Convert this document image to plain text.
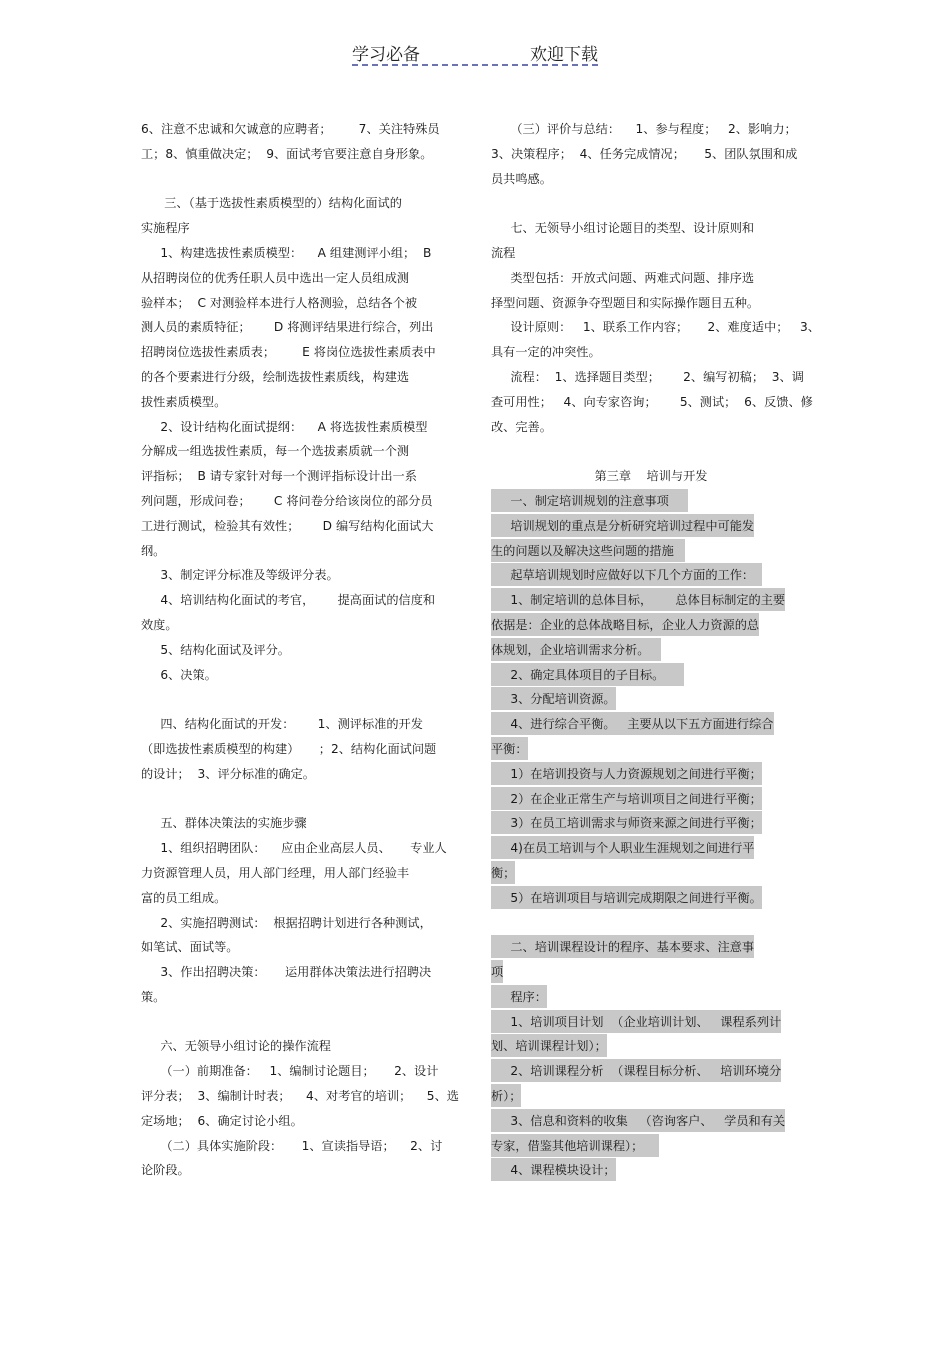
学习必备	欢迎下载

6、注意不忠诚和欠诚意的应聘者；       7、关注特殊员

工；8、慎重做决定；  9、面试考官要注意自身形象。

三、（基于选拔性素质模型的）结构化面试的

实施程序

1、构建选拔性素质模型：    A 组建测评小组；  B

从招聘岗位的优秀任职人员中选出一定人员组成测

验样本；  C 对测验样本进行人格测验，总结各个被

测人员的素质特征；      D 将测评结果进行综合，列出

招聘岗位选拔性素质表；       E 将岗位选拔性素质表中

的各个要素进行分级，绘制选拔性素质线，构建选

拔性素质模型。

2、设计结构化面试提纲：    A 将选拔性素质模型

分解成一组选拔性素质，每一个选拔素质就一个测

评指标；  B 请专家针对每一个测评指标设计出一系

列问题，形成问卷；      C 将问卷分给该岗位的部分员

工进行测试，检验其有效性；      D 编写结构化面试大

纲。

3、制定评分标准及等级评分表。

4、培训结构化面试的考官，      提高面试的信度和

效度。

5、结构化面试及评分。

6、决策。

四、结构化面试的开发：      1、测评标准的开发

（即选拔性素质模型的构建）     ；2、结构化面试问题

的设计；  3、评分标准的确定。

五、群体决策法的实施步骤

1、组织招聘团队：    应由企业高层人员、     专业人

力资源管理人员，用人部门经理，用人部门经验丰

富的员工组成。

2、实施招聘测试：  根据招聘计划进行各种测试，

如笔试、面试等。

3、作出招聘决策：     运用群体决策法进行招聘决

策。

六、无领导小组讨论的操作流程

（一）前期准备：   1、编制讨论题目；     2、设计

评分表；  3、编制计时表；    4、对考官的培训；    5、选

定场地；  6、确定讨论小组。

（二）具体实施阶段：     1、宣读指导语；    2、讨

论阶段。

（三）评价与总结：    1、参与程度；   2、影响力；

3、决策程序；  4、任务完成情况；     5、团队氛围和成

员共鸣感。

七、无领导小组讨论题目的类型、设计原则和

流程

类型包括：开放式问题、两难式问题、排序选

择型问题、资源争夺型题目和实际操作题目五种。

设计原则：   1、联系工作内容；     2、难度适中；   3、

具有一定的冲突性。

流程：  1、选择题目类型；      2、编写初稿；  3、调

查可用性；   4、向专家咨询；      5、测试；  6、反馈、修

改、完善。

第三章    培训与开发

一、制定培训规划的注意事项

培训规划的重点是分析研究培训过程中可能发

生的问题以及解决这些问题的措施

起草培训规划时应做好以下几个方面的工作：

1、制定培训的总体目标，      总体目标制定的主要

依据是：企业的总体战略目标，企业人力资源的总

体规划，企业培训需求分析。

2、确定具体项目的子目标。

3、分配培训资源。

4、进行综合平衡。   主要从以下五方面进行综合

平衡：

1）在培训投资与人力资源规划之间进行平衡；

2）在企业正常生产与培训项目之间进行平衡；

3）在员工培训需求与师资来源之间进行平衡；

4)在员工培训与个人职业生涯规划之间进行平

衡；

5）在培训项目与培训完成期限之间进行平衡。

二、培训课程设计的程序、基本要求、注意事

项

程序：

1、培训项目计划  （企业培训计划、   课程系列计

划、培训课程计划）；

2、培训课程分析  （课程目标分析、   培训环境分

析）；

3、信息和资料的收集   （咨询客户、   学员和有关

专家，借鉴其他培训课程）；

4、课程模块设计；
